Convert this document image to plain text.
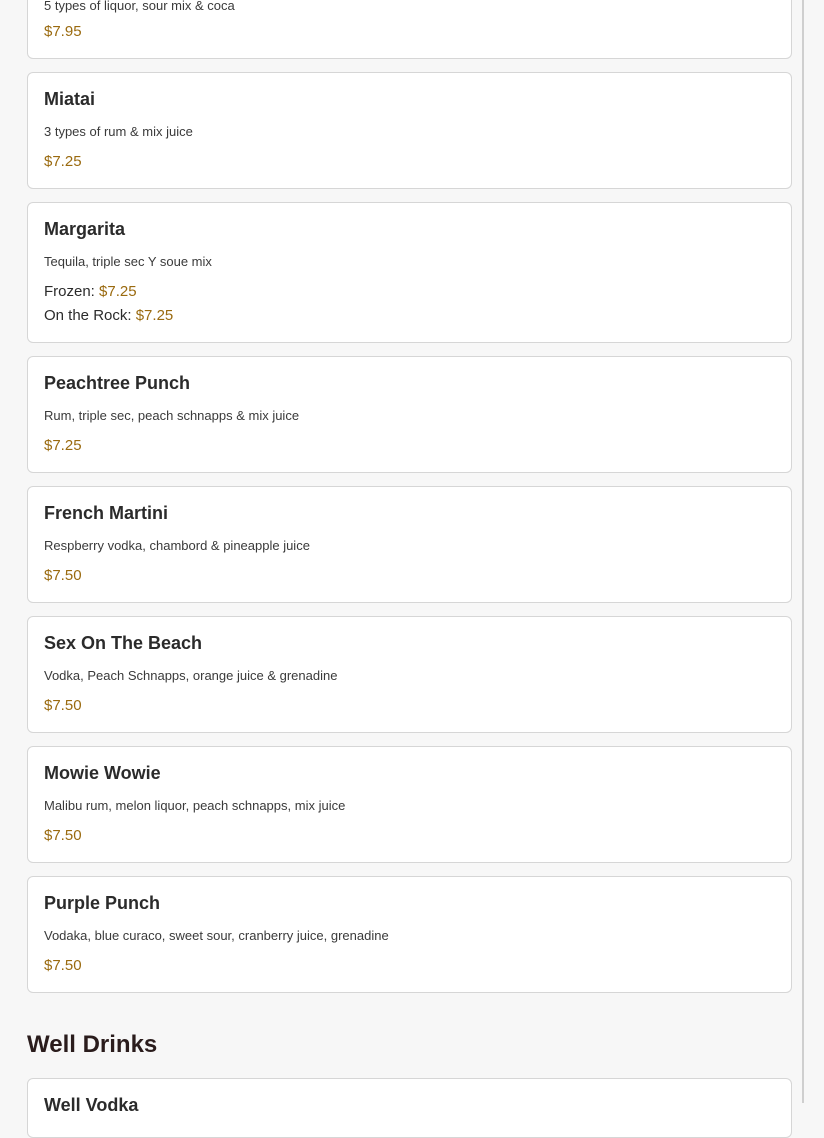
5 types of liquor, sour mix & coca
$7.95
Miatai
3 types of rum & mix juice
$7.25
Margarita
Tequila, triple sec Y soue mix
Frozen: $7.25
On the Rock: $7.25
Peachtree Punch
Rum, triple sec, peach schnapps & mix juice
$7.25
French Martini
Respberry vodka, chambord & pineapple juice
$7.50
Sex On The Beach
Vodka, Peach Schnapps, orange juice & grenadine
$7.50
Mowie Wowie
Malibu rum, melon liquor, peach schnapps, mix juice
$7.50
Purple Punch
Vodaka, blue curaco, sweet sour, cranberry juice, grenadine
$7.50
Well Vodka
Well Drinks
